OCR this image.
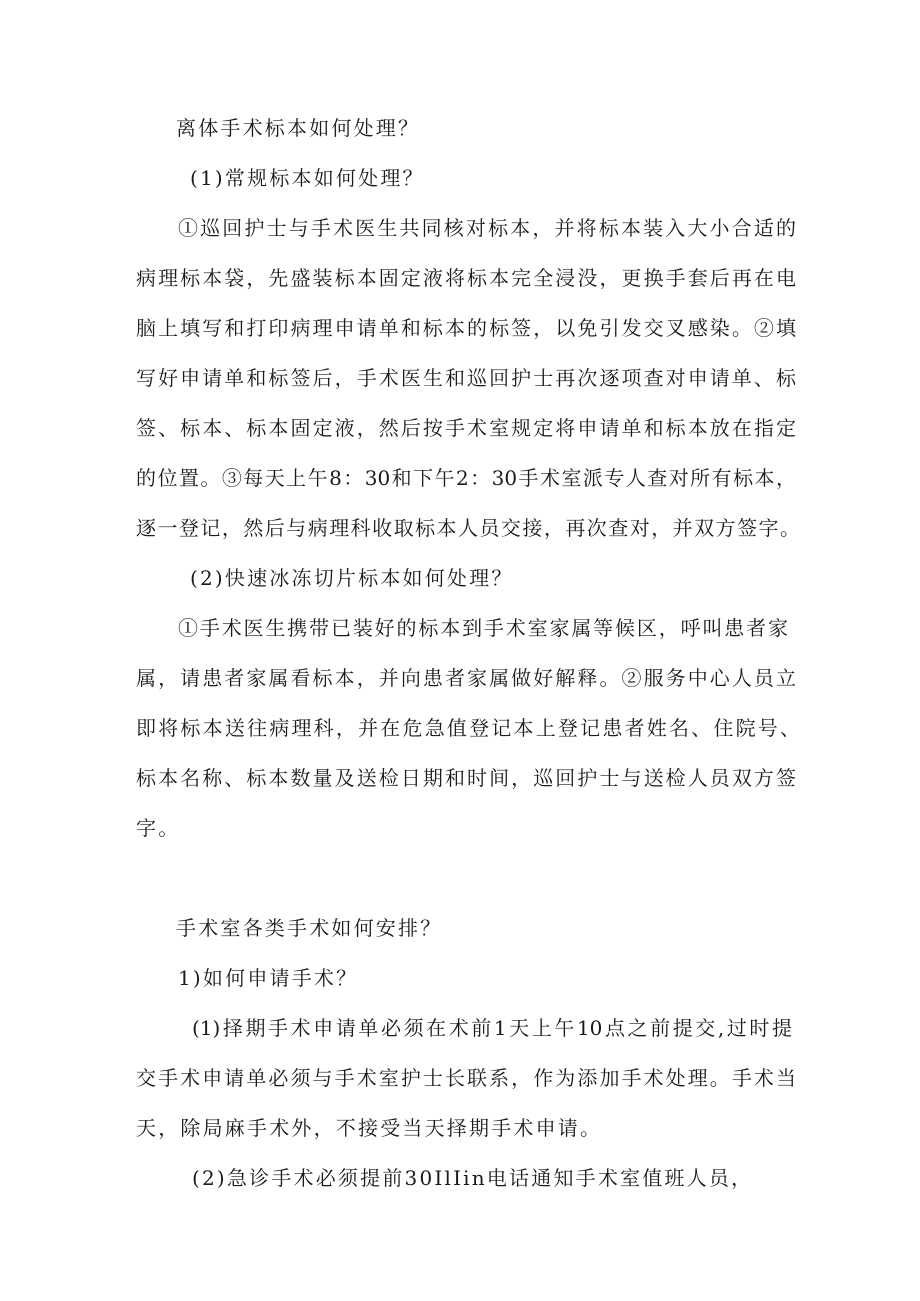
离体手术标本如何处理？
(1)常规标本如何处理？
①巡回护士与手术医生共同核对标本，并将标本装入大小合适的
病理标本袋，先盛装标本固定液将标本完全浸没，更换手套后再在电
脑上填写和打印病理申请单和标本的标签，以免引发交叉感染。②填
写好申请单和标签后，手术医生和巡回护士再次逐项查对申请单、标
签、标本、标本固定液，然后按手术室规定将申请单和标本放在指定
的位置。③每天上午8：30和下午2：30手术室派专人查对所有标本，
逐一登记，然后与病理科收取标本人员交接，再次查对，并双方签字。
(2)快速冰冻切片标本如何处理？
①手术医生携带已装好的标本到手术室家属等候区，呼叫患者家
属，请患者家属看标本，并向患者家属做好解释。②服务中心人员立
即将标本送往病理科，并在危急值登记本上登记患者姓名、住院号、
标本名称、标本数量及送检日期和时间，巡回护士与送检人员双方签
字。
手术室各类手术如何安排？
1)如何申请手术？
(1)择期手术申请单必须在术前1天上午10点之前提交,过时提
交手术申请单必须与手术室护士长联系，作为添加手术处理。手术当
天，除局麻手术外，不接受当天择期手术申请。
(2)急诊手术必须提前30IlIin电话通知手术室值班人员，
